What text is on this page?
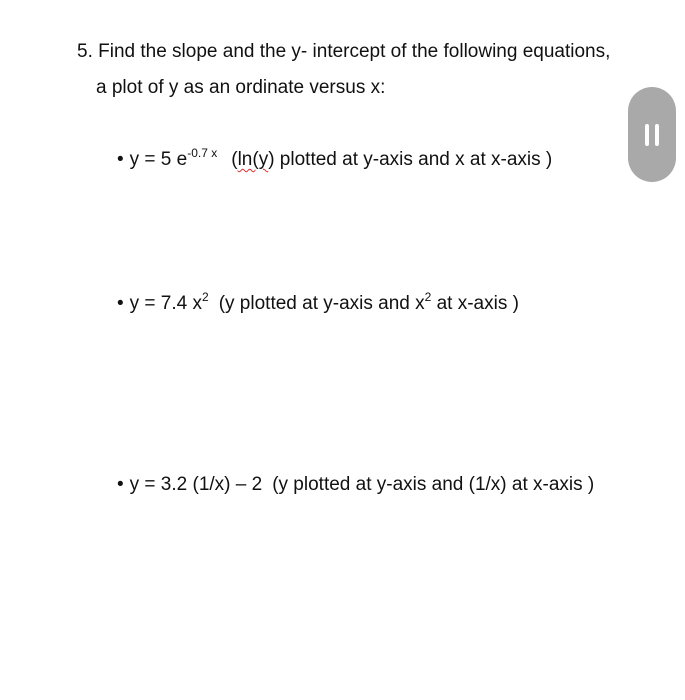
5. Find the slope and the y- intercept of the following equations,
a plot of y as an ordinate versus x:
• y = 5 $e^{-0.7 x}$ (ln(y) plotted at y-axis and x at x-axis )
• y = 7.4 $x^2$ (y plotted at y-axis and $x^2$ at x-axis )
• y = 3.2 (1/x) – 2 (y plotted at y-axis and (1/x) at x-axis )
